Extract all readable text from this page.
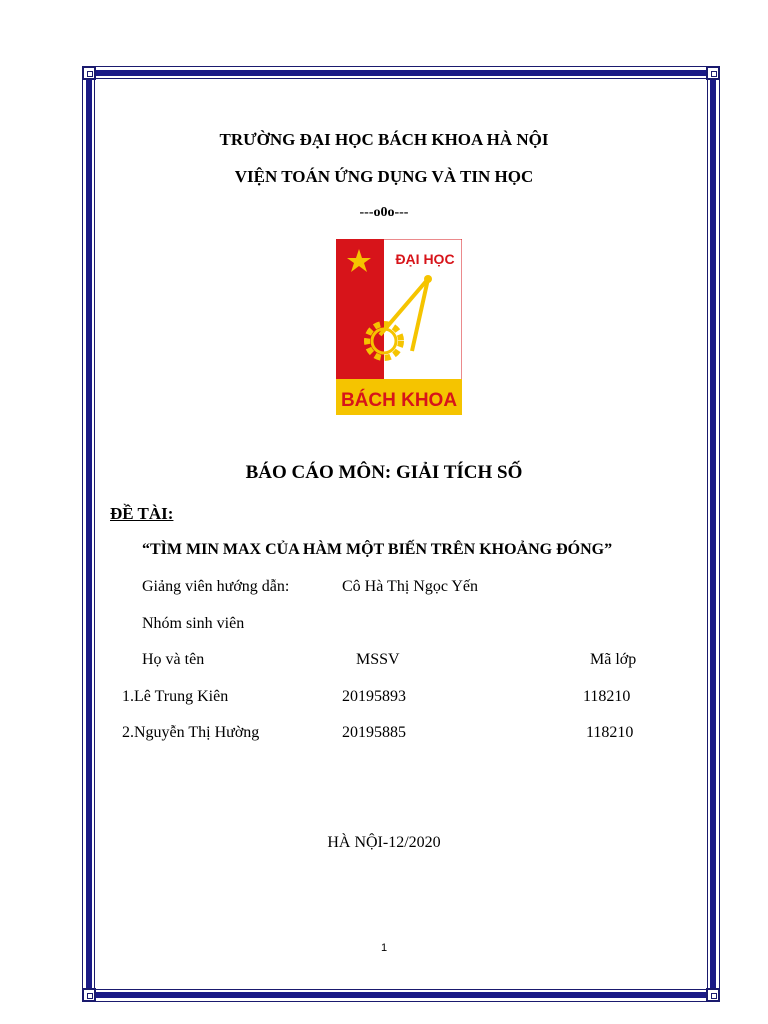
TRƯỜNG ĐẠI HỌC BÁCH KHOA HÀ NỘI
VIỆN TOÁN ỨNG DỤNG VÀ TIN HỌC
---o0o---
ĐẠI HỌC
BÁCH KHOA
BÁO CÁO MÔN: GIẢI TÍCH SỐ
ĐỀ TÀI:
“TÌM MIN MAX CỦA HÀM MỘT BIẾN TRÊN KHOẢNG ĐÓNG”
Giảng viên hướng dẫn:	Cô Hà Thị Ngọc Yến
Nhóm sinh viên
Họ và tên	MSSV	Mã lớp
1.Lê Trung Kiên	20195893	118210
2.Nguyễn Thị Hường	20195885	118210
HÀ NỘI-12/2020
1
